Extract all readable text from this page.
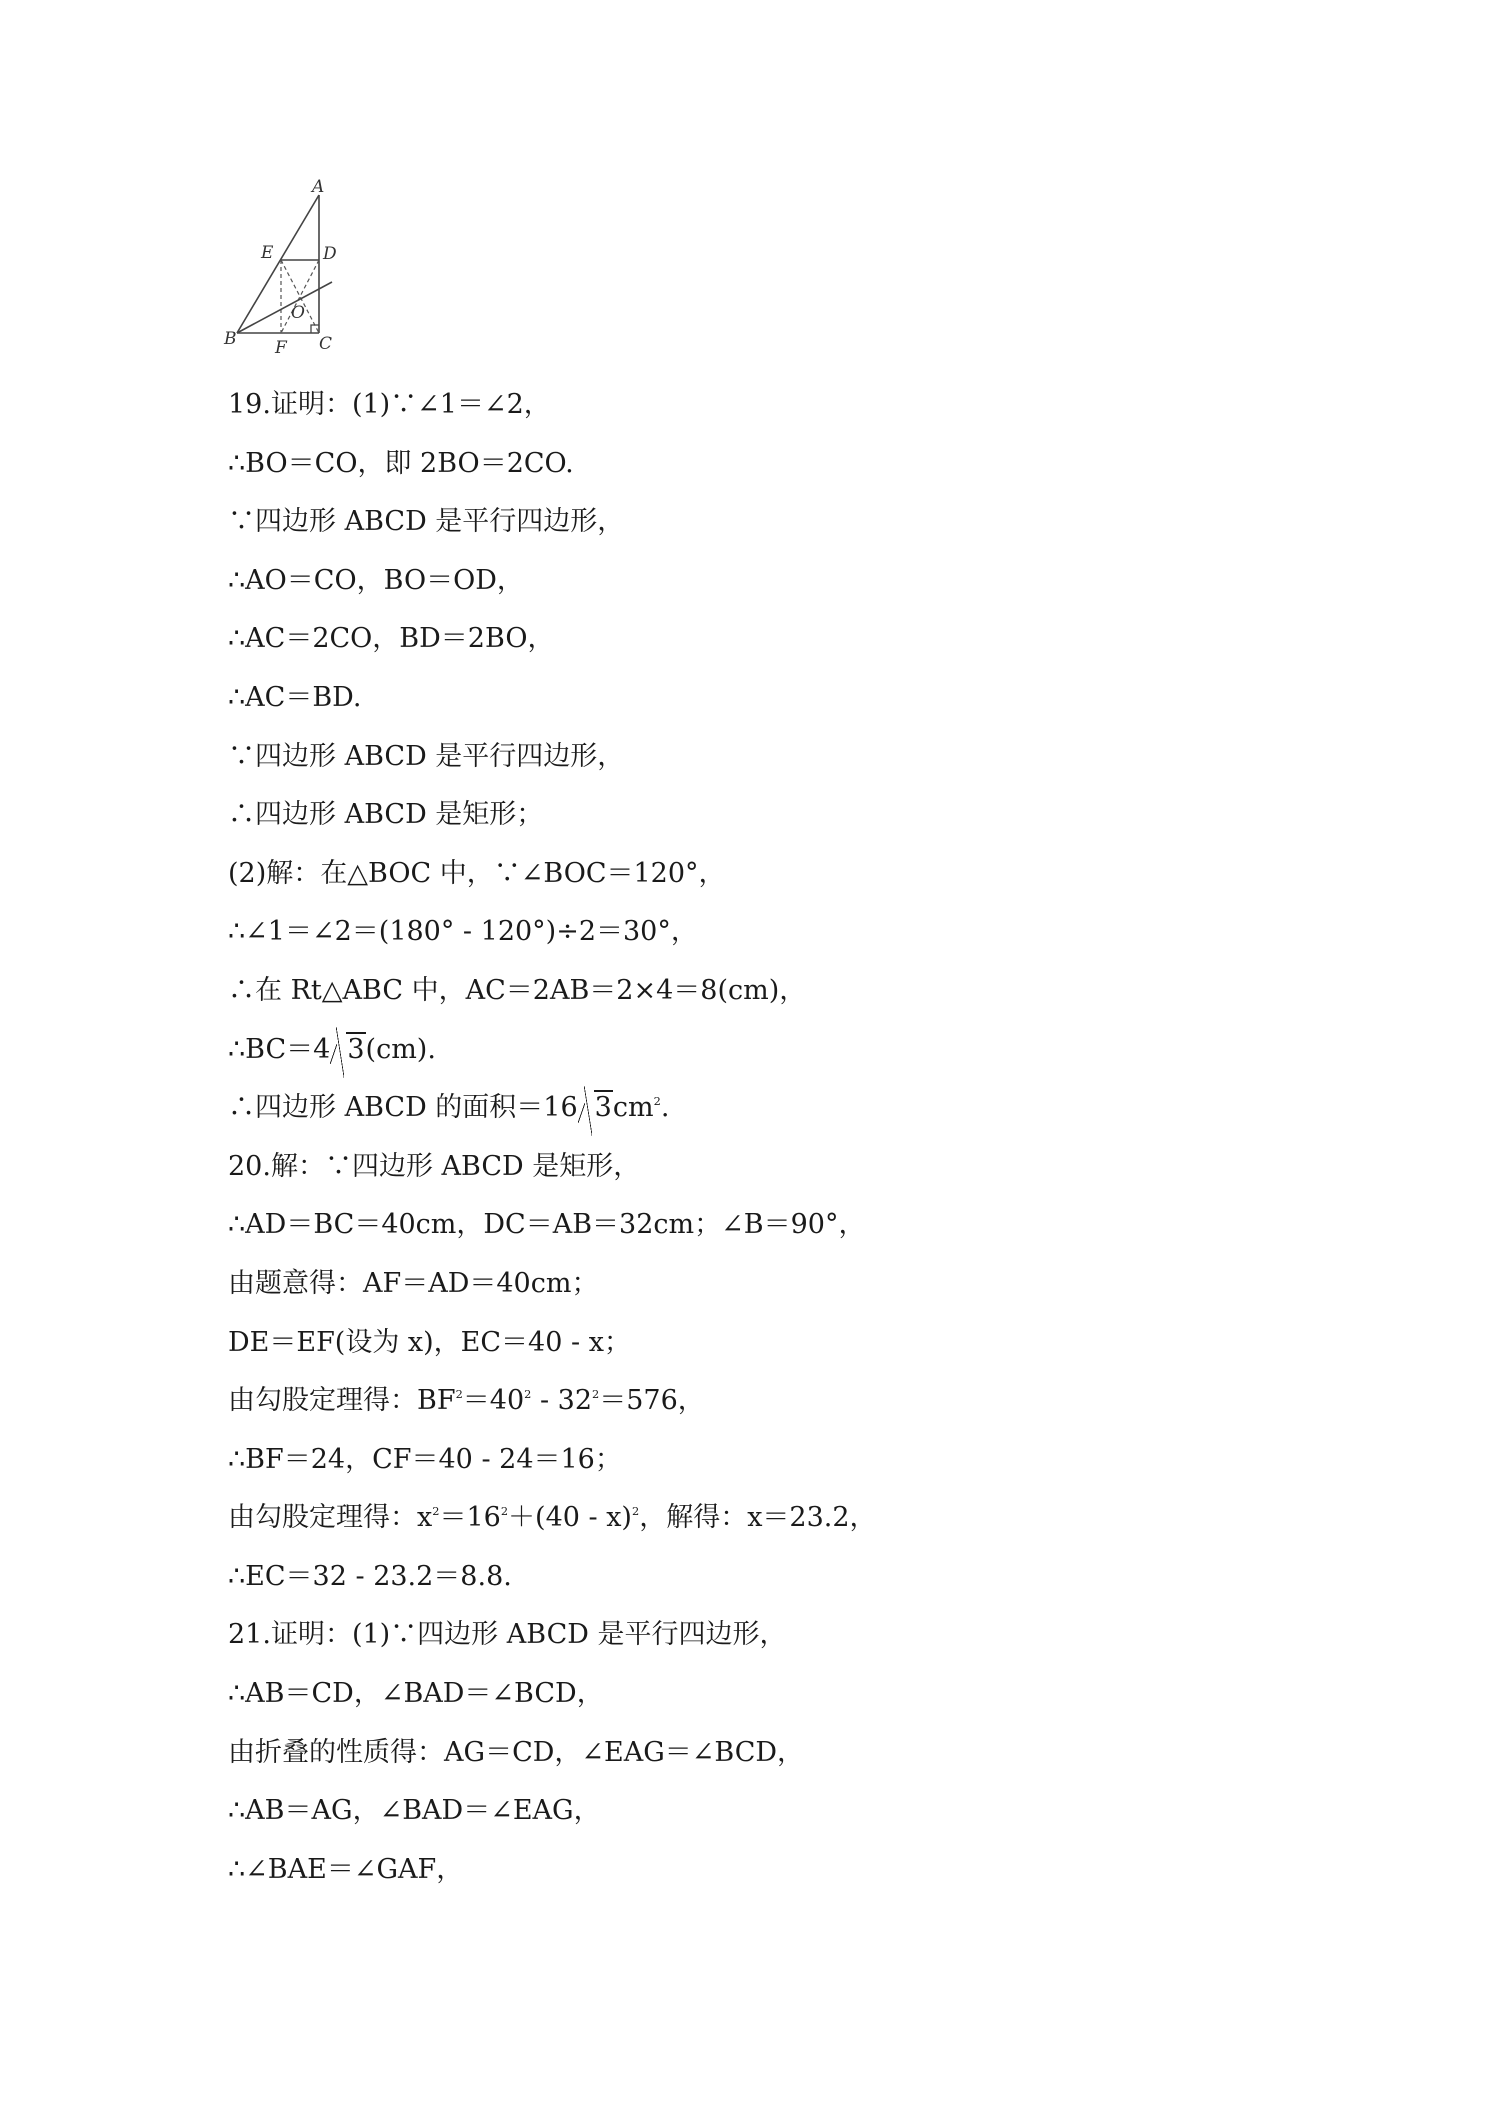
A
E	D
O
B F C
19.证明：(1)∵∠1＝∠2，
∴BO＝CO，即 2BO＝2CO.
∵四边形 ABCD 是平行四边形，
∴AO＝CO，BO＝OD，
∴AC＝2CO，BD＝2BO，
∴AC＝BD.
∵四边形 ABCD 是平行四边形，
∴四边形 ABCD 是矩形；
(2)解：在△BOC 中，∵∠BOC＝120°，
∴∠1＝∠2＝(180° - 120°)÷2＝30°，
∴在 Rt△ABC 中，AC＝2AB＝2×4＝8(cm)，
∴BC＝4 3(cm).
∴四边形 ABCD 的面积＝16 $3cm^2$.
20.解：∵四边形 ABCD 是矩形，
∴AD＝BC＝40cm，DC＝AB＝32cm；∠B＝90°，
由题意得：AF＝AD＝40cm；
DE＝EF(设为 x)，EC＝40 - x；
由勾股定理得：$BF^2=40^2 - 32^2=576$，
∴BF＝24，CF＝40 - 24＝16；
由勾股定理得：$x^2=16^2+(40 - x)^2$，解得：x＝23.2，
∴EC＝32 - 23.2＝8.8.
21.证明：(1)∵四边形 ABCD 是平行四边形，
∴AB＝CD，∠BAD＝∠BCD，
由折叠的性质得：AG＝CD，∠EAG＝∠BCD，
∴AB＝AG，∠BAD＝∠EAG，
∴∠BAE＝∠GAF，
